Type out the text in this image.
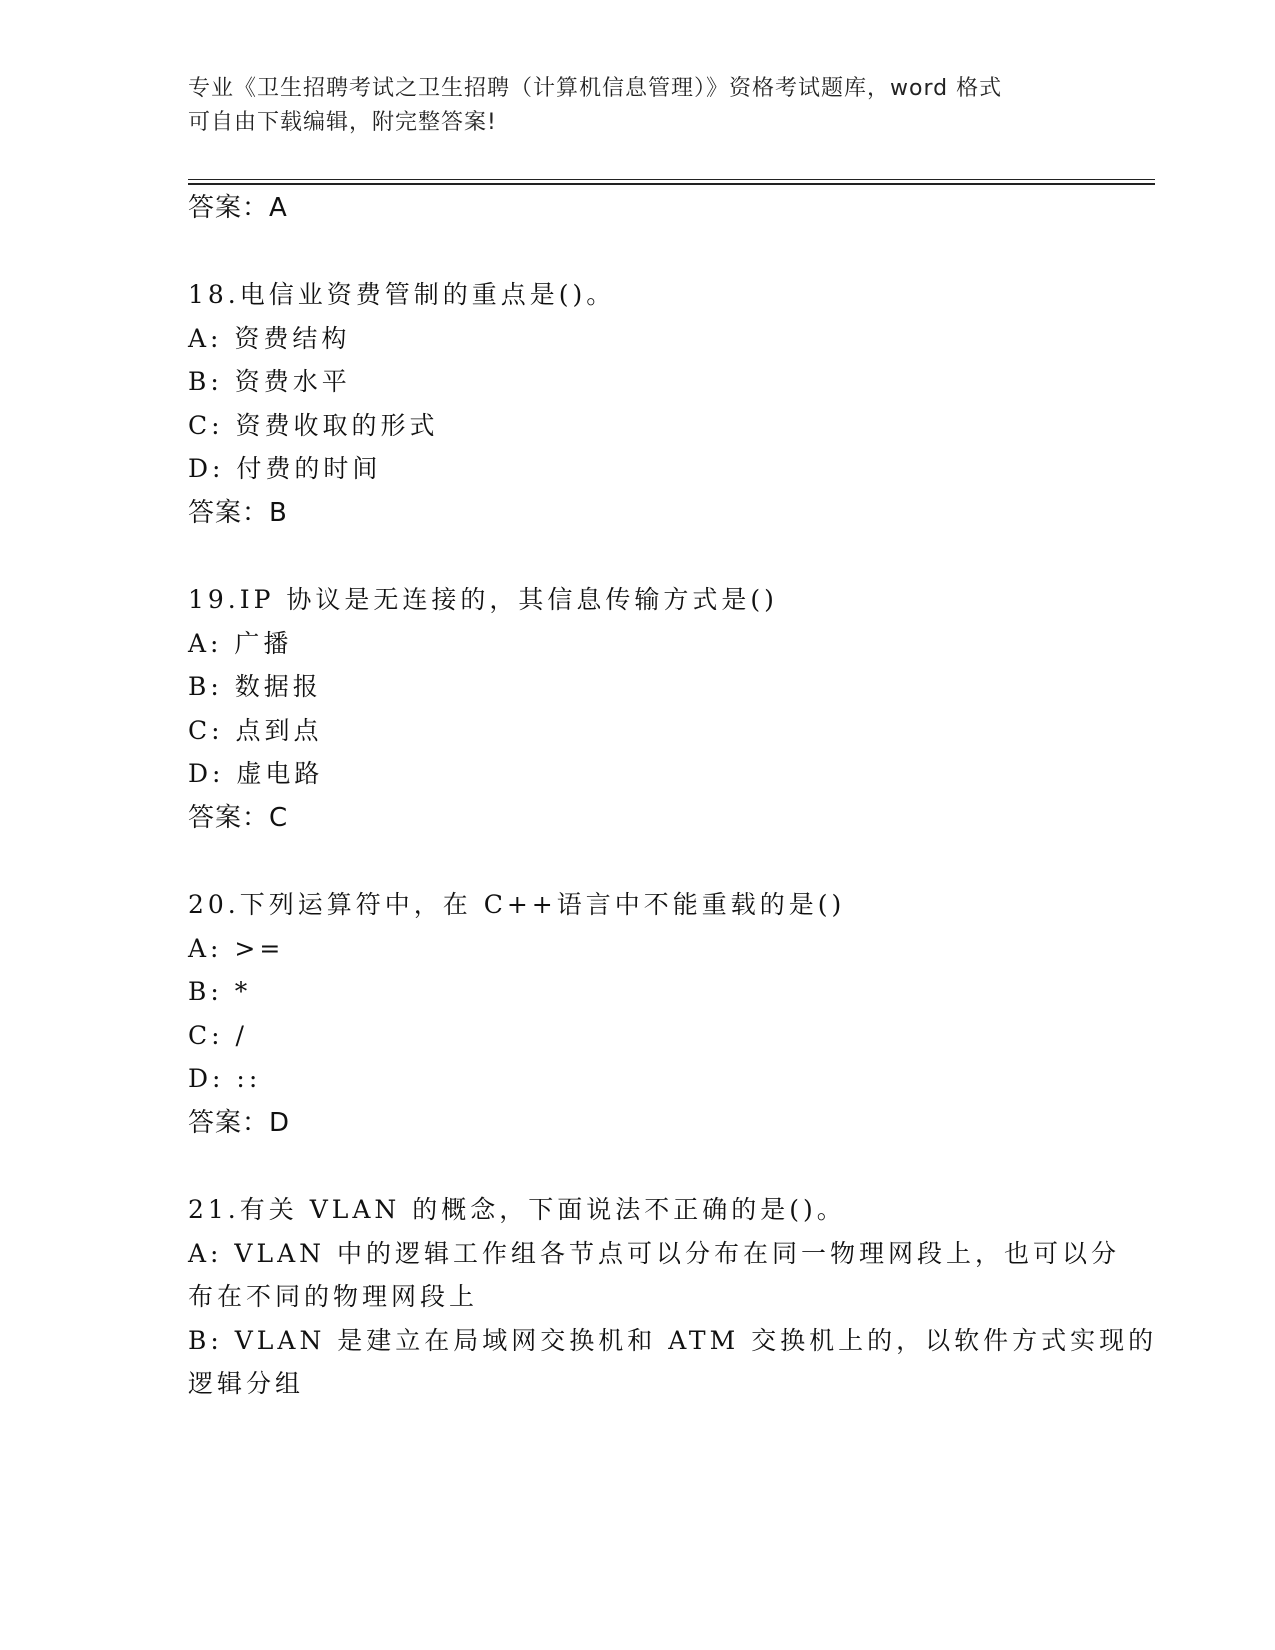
专业《卫生招聘考试之卫生招聘（计算机信息管理）》资格考试题库，word 格式
可自由下载编辑，附完整答案!
答案：A
18.电信业资费管制的重点是()。
A: 资费结构
B: 资费水平
C: 资费收取的形式
D: 付费的时间
答案：B
19.IP 协议是无连接的，其信息传输方式是()
A: 广播
B: 数据报
C: 点到点
D: 虚电路
答案：C
20.下列运算符中，在 C++语言中不能重载的是()
A: >=
B: *
C: /
D: ::
答案：D
21.有关 VLAN 的概念，下面说法不正确的是()。
A: VLAN 中的逻辑工作组各节点可以分布在同一物理网段上，也可以分
布在不同的物理网段上
B: VLAN 是建立在局域网交换机和 ATM 交换机上的，以软件方式实现的
逻辑分组
